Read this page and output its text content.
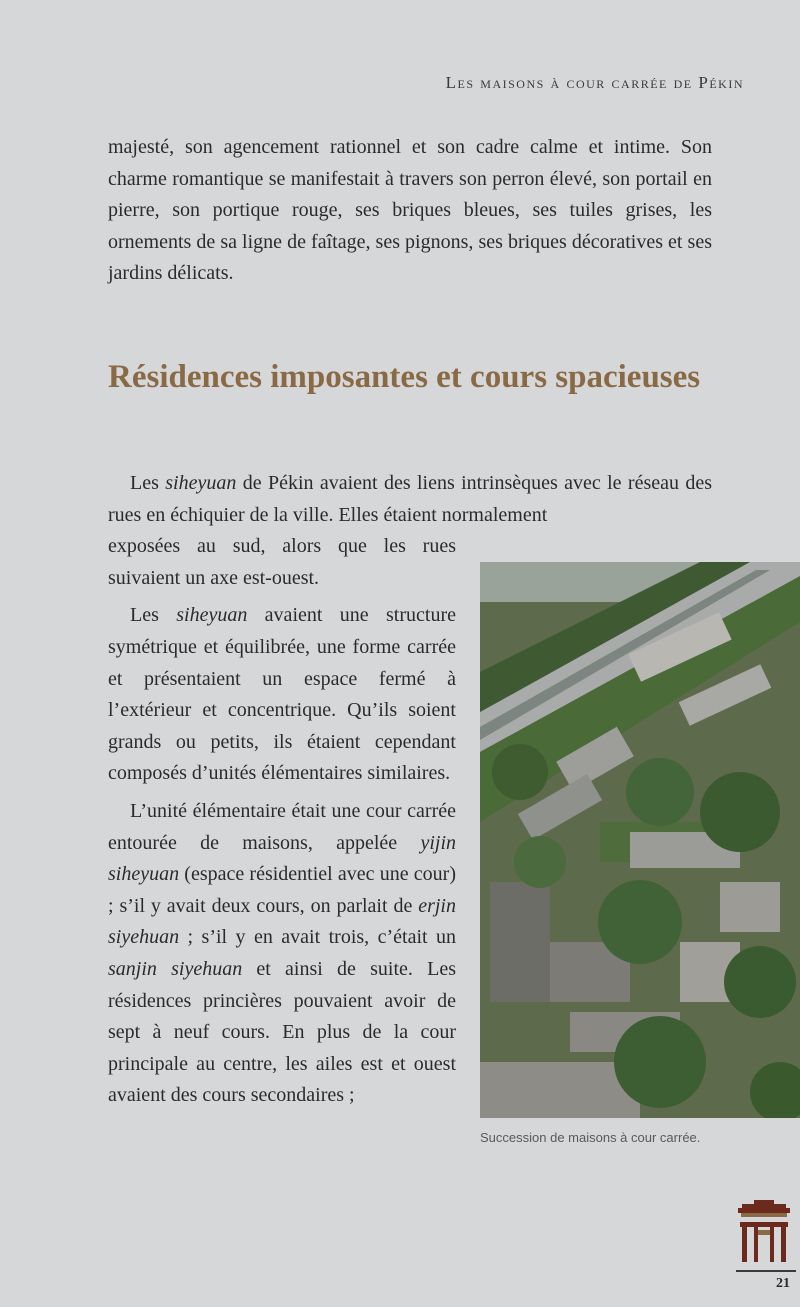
Les maisons à cour carrée de Pékin

majesté, son agencement rationnel et son cadre calme et intime. Son charme romantique se manifestait à travers son perron élevé, son portail en pierre, son portique rouge, ses briques bleues, ses tuiles grises, les ornements de sa ligne de faîtage, ses pignons, ses briques décoratives et ses jardins délicats.

Résidences imposantes et cours spacieuses

Les siheyuan de Pékin avaient des liens intrinsèques avec le réseau des rues en échiquier de la ville. Elles étaient normalement
exposées au sud, alors que les rues suivaient un axe est-ouest.

Les siheyuan avaient une structure symétrique et équilibrée, une forme carrée et présentaient un espace fermé à l’extérieur et concentrique. Qu’ils soient grands ou petits, ils étaient cependant composés d’unités élémentaires similaires.

L’unité élémentaire était une cour carrée entourée de maisons, appelée yijin siheyuan (espace résidentiel avec une cour) ; s’il y avait deux cours, on parlait de erjin siyehuan ; s’il y en avait trois, c’était un sanjin siyehuan et ainsi de suite. Les résidences princières pouvaient avoir de sept à neuf cours. En plus de la cour principale au centre, les ailes est et ouest avaient des cours secondaires ;

Succession de maisons à cour carrée.
21
